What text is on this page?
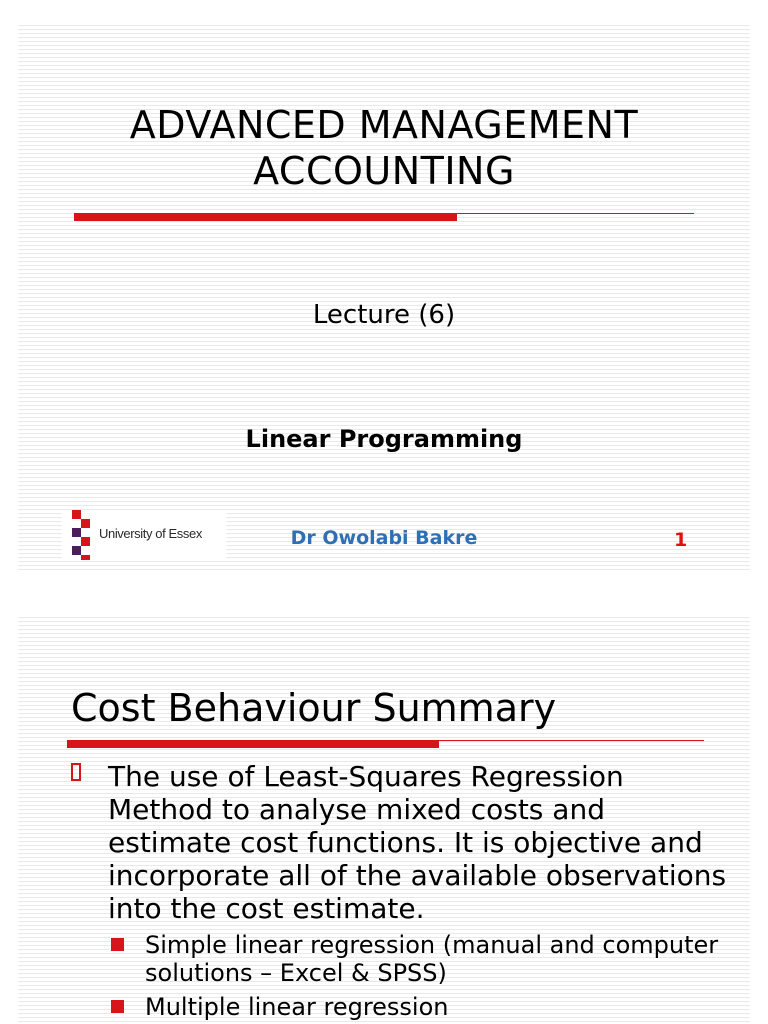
ADVANCED MANAGEMENT
ACCOUNTING
Lecture (6)
Linear Programming
University of Essex	Dr Owolabi Bakre	1
Cost Behaviour Summary
The use of Least-Squares Regression Method to analyse mixed costs and estimate cost functions. It is objective and incorporate all of the available observations into the cost estimate.
Simple linear regression (manual and computer solutions – Excel & SPSS)
Multiple linear regression
